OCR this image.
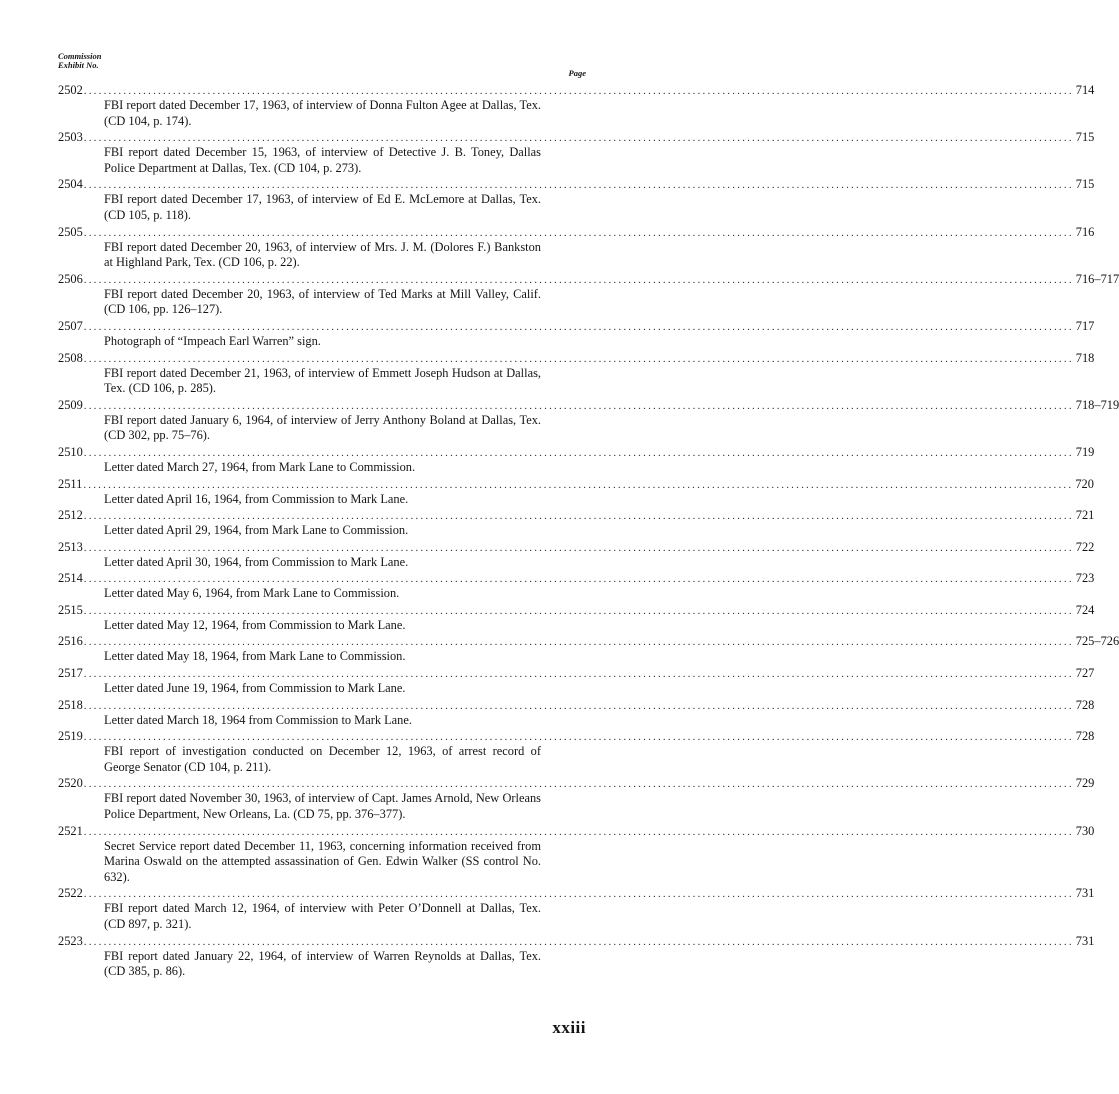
Commission
Exhibit No.
Page
2502 ........................................................................................................................................................................................................ 714
FBI report dated December 17, 1963, of interview of Donna Fulton Agee at Dallas, Tex. (CD 104, p. 174).
2503 ........................................................................................................................................................................................................ 715
FBI report dated December 15, 1963, of interview of Detective J. B. Toney, Dallas Police Department at Dallas, Tex. (CD 104, p. 273).
2504 ........................................................................................................................................................................................................ 715
FBI report dated December 17, 1963, of interview of Ed E. McLemore at Dallas, Tex. (CD 105, p. 118).
2505 ........................................................................................................................................................................................................ 716
FBI report dated December 20, 1963, of interview of Mrs. J. M. (Dolores F.) Bankston at Highland Park, Tex. (CD 106, p. 22).
2506 ........................................................................................................................................................................................................ 716–717
FBI report dated December 20, 1963, of interview of Ted Marks at Mill Valley, Calif. (CD 106, pp. 126–127).
2507 ........................................................................................................................................................................................................ 717
Photograph of “Impeach Earl Warren” sign.
2508 ........................................................................................................................................................................................................ 718
FBI report dated December 21, 1963, of interview of Emmett Joseph Hudson at Dallas, Tex. (CD 106, p. 285).
2509 ........................................................................................................................................................................................................ 718–719
FBI report dated January 6, 1964, of interview of Jerry Anthony Boland at Dallas, Tex. (CD 302, pp. 75–76).
2510 ........................................................................................................................................................................................................ 719
Letter dated March 27, 1964, from Mark Lane to Commission.
2511 ........................................................................................................................................................................................................ 720
Letter dated April 16, 1964, from Commission to Mark Lane.
2512 ........................................................................................................................................................................................................ 721
Letter dated April 29, 1964, from Mark Lane to Commission.
2513 ........................................................................................................................................................................................................ 722
Letter dated April 30, 1964, from Commission to Mark Lane.
2514 ........................................................................................................................................................................................................ 723
Letter dated May 6, 1964, from Mark Lane to Commission.
2515 ........................................................................................................................................................................................................ 724
Letter dated May 12, 1964, from Commission to Mark Lane.
2516 ........................................................................................................................................................................................................ 725–726
Letter dated May 18, 1964, from Mark Lane to Commission.
2517 ........................................................................................................................................................................................................ 727
Letter dated June 19, 1964, from Commission to Mark Lane.
2518 ........................................................................................................................................................................................................ 728
Letter dated March 18, 1964 from Commission to Mark Lane.
2519 ........................................................................................................................................................................................................ 728
FBI report of investigation conducted on December 12, 1963, of arrest record of George Senator (CD 104, p. 211).
2520 ........................................................................................................................................................................................................ 729
FBI report dated November 30, 1963, of interview of Capt. James Arnold, New Orleans Police Department, New Orleans, La. (CD 75, pp. 376–377).
2521 ........................................................................................................................................................................................................ 730
Secret Service report dated December 11, 1963, concerning information received from Marina Oswald on the attempted assassination of Gen. Edwin Walker (SS control No. 632).
2522 ........................................................................................................................................................................................................ 731
FBI report dated March 12, 1964, of interview with Peter O’Donnell at Dallas, Tex. (CD 897, p. 321).
2523 ........................................................................................................................................................................................................ 731
FBI report dated January 22, 1964, of interview of Warren Reynolds at Dallas, Tex. (CD 385, p. 86).
xxiii
